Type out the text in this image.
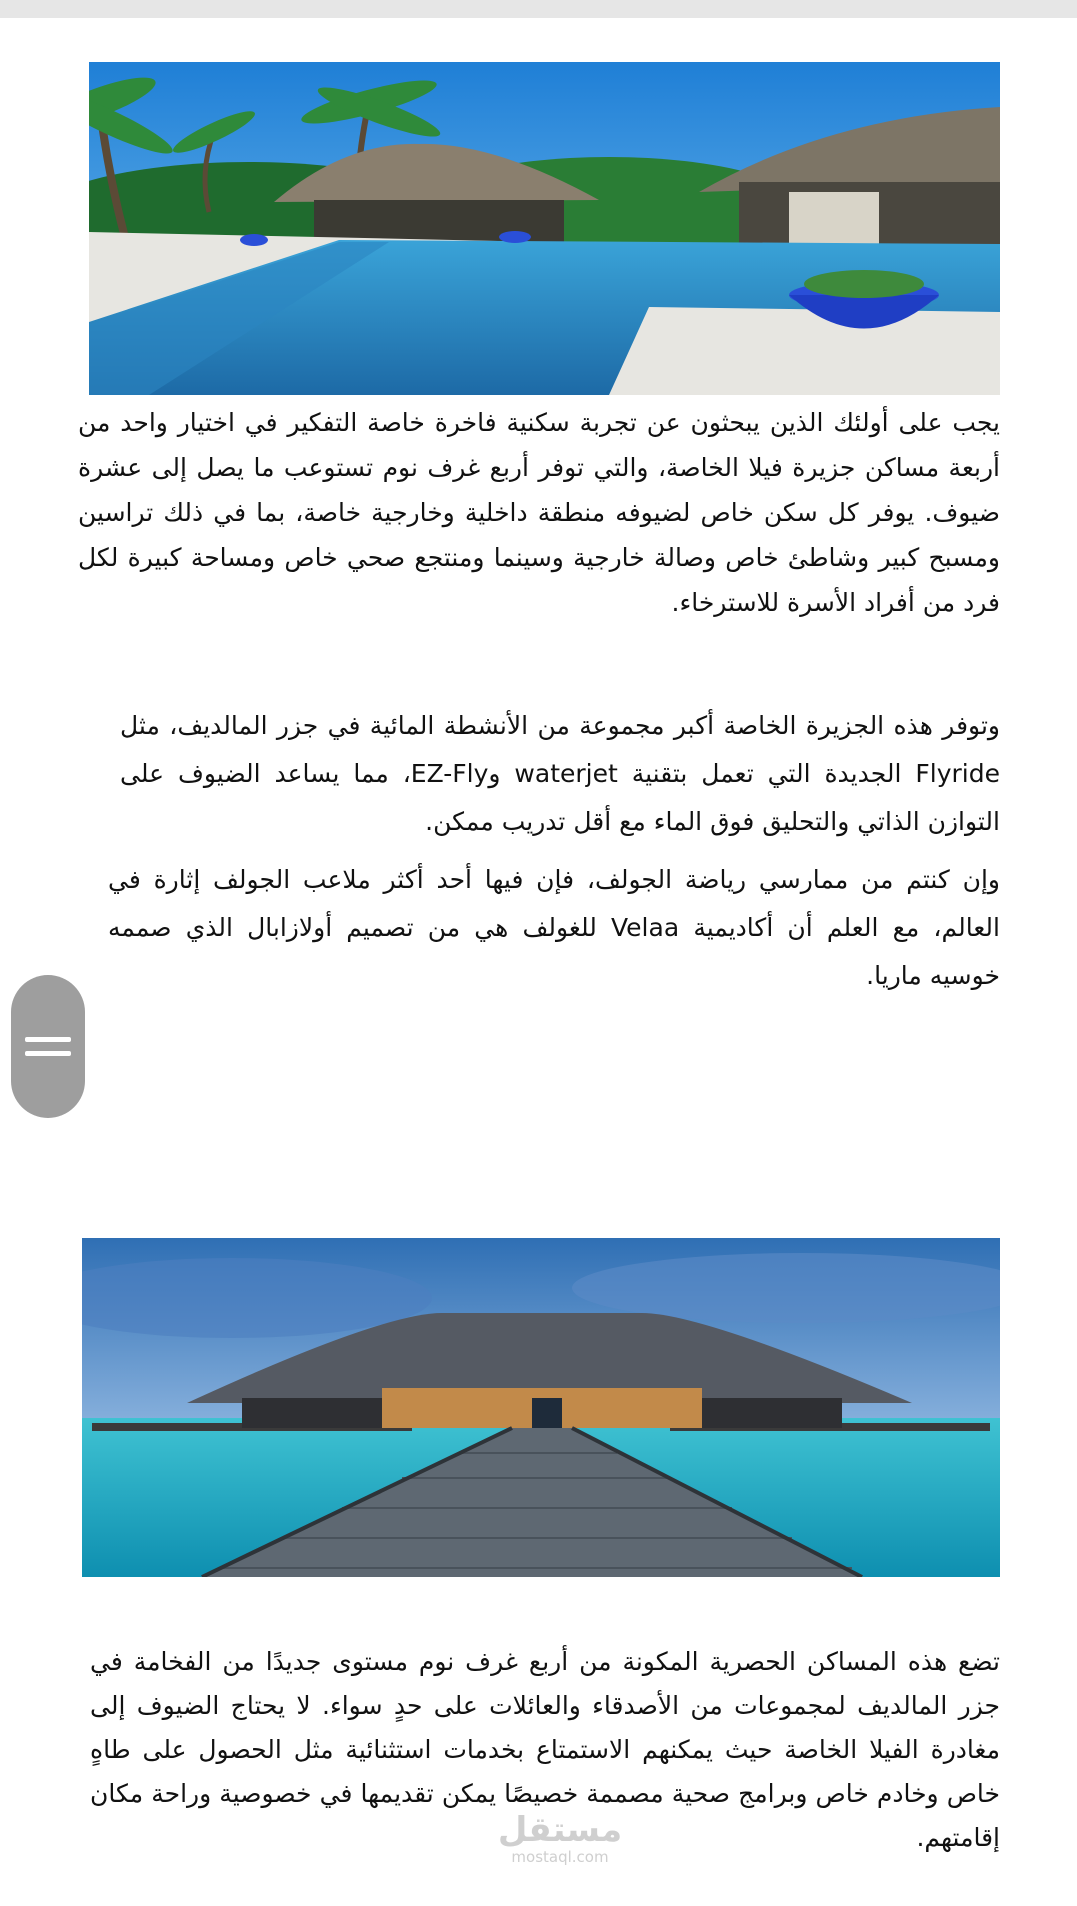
يجب على أولئك الذين يبحثون عن تجربة سكنية فاخرة خاصة التفكير في اختيار واحد من أربعة مساكن جزيرة فيلا الخاصة، والتي توفر أربع غرف نوم تستوعب ما يصل إلى عشرة ضيوف. يوفر كل سكن خاص لضيوفه منطقة داخلية وخارجية خاصة، بما في ذلك تراسين ومسبح كبير وشاطئ خاص وصالة خارجية وسينما ومنتجع صحي خاص ومساحة كبيرة لكل فرد من أفراد الأسرة للاسترخاء.

وتوفر هذه الجزيرة الخاصة أكبر مجموعة من الأنشطة المائية في جزر المالديف، مثل Flyride الجديدة التي تعمل بتقنية waterjet وEZ-Fly، مما يساعد الضيوف على التوازن الذاتي والتحليق فوق الماء مع أقل تدريب ممكن.

وإن كنتم من ممارسي رياضة الجولف، فإن فيها أحد أكثر ملاعب الجولف إثارة في العالم، مع العلم أن أكاديمية Velaa للغولف هي من تصميم أولازابال الذي صممه خوسيه ماريا.

تضع هذه المساكن الحصرية المكونة من أربع غرف نوم مستوى جديدًا من الفخامة في جزر المالديف لمجموعات من الأصدقاء والعائلات على حدٍ سواء. لا يحتاج الضيوف إلى مغادرة الفيلا الخاصة حيث يمكنهم الاستمتاع بخدمات استثنائية مثل الحصول على طاهٍ خاص وخادم خاص وبرامج صحية مصممة خصيصًا يمكن تقديمها في خصوصية وراحة مكان إقامتهم.

مستقل
mostaql.com
